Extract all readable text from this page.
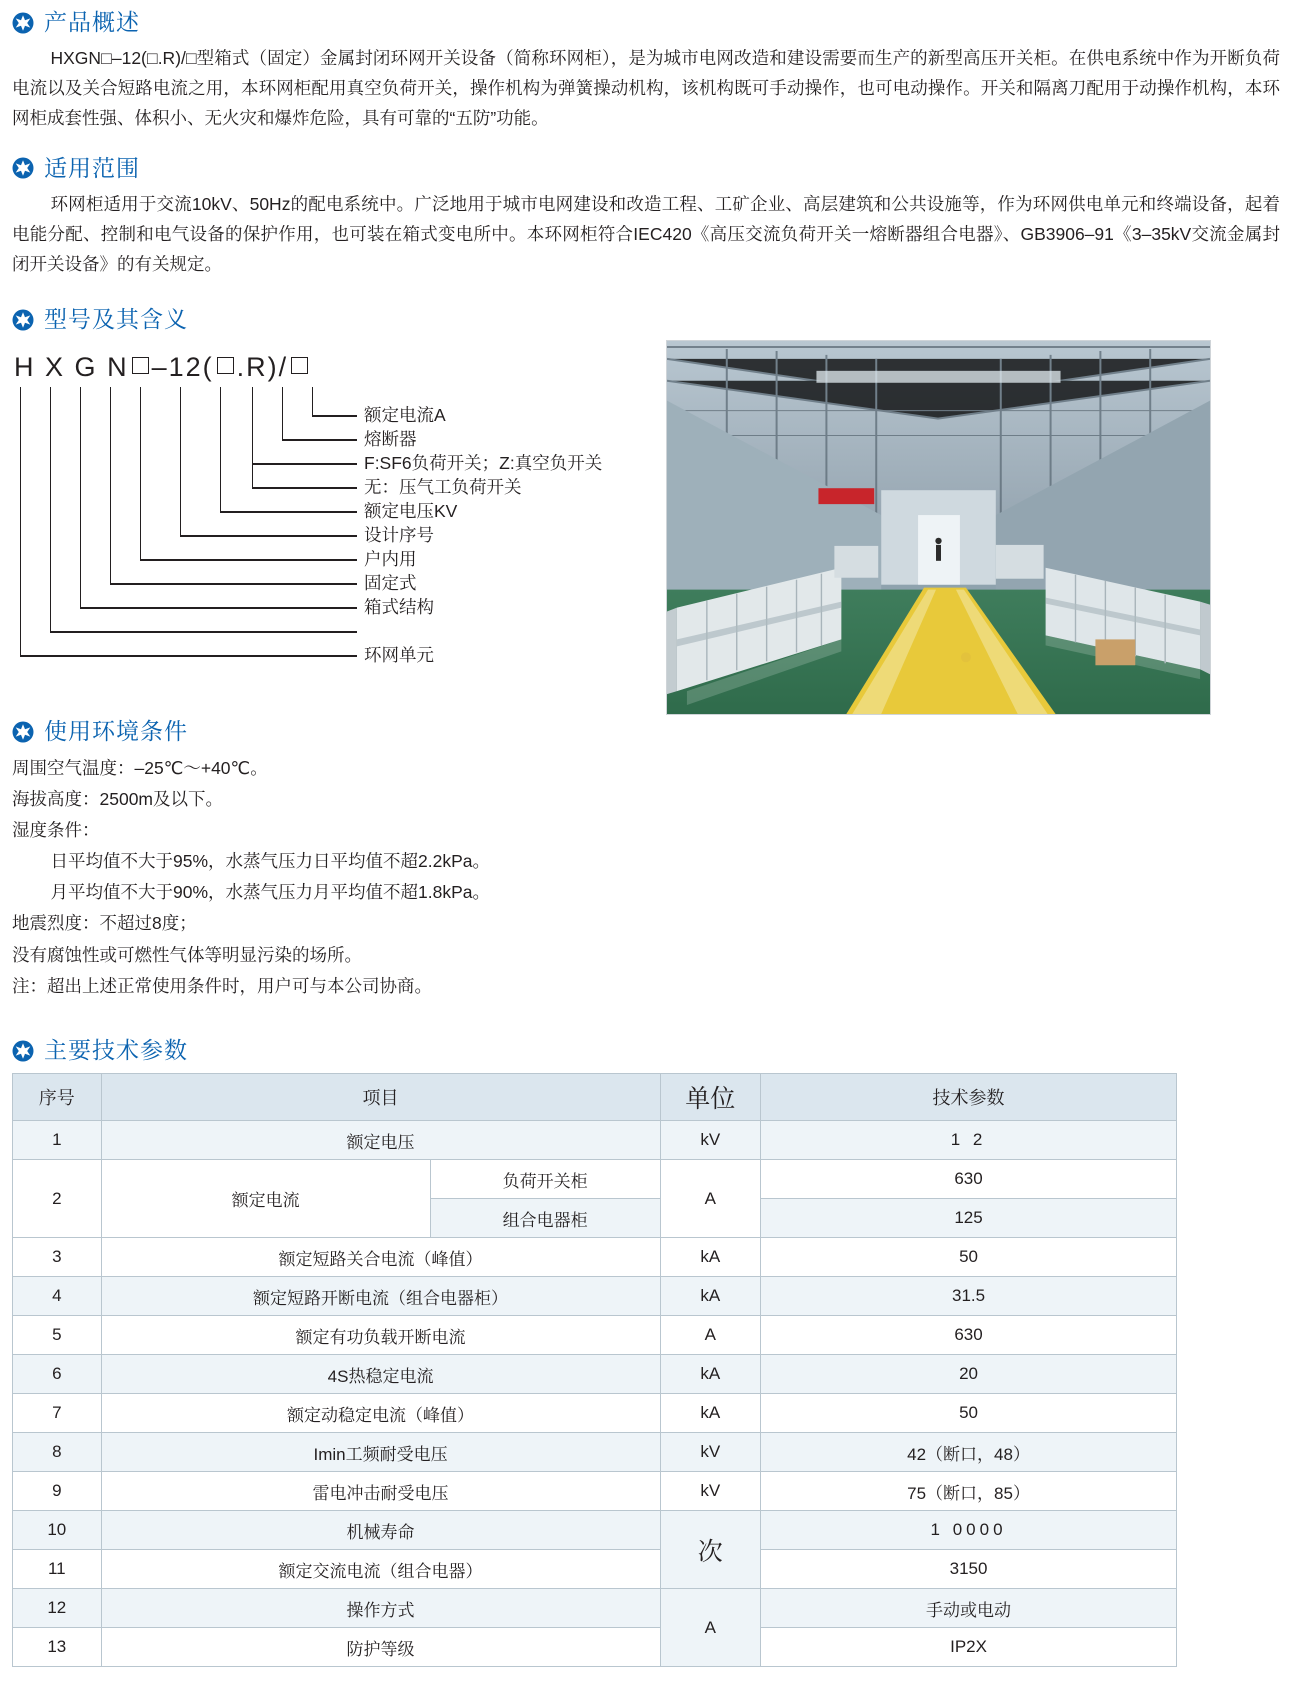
产品概述
HXGN□–12(□.R)/□型箱式（固定）金属封闭环网开关设备（简称环网柜），是为城市电网改造和建设需要而生产的新型高压开关柜。在供电系统中作为开断负荷电流以及关合短路电流之用，本环网柜配用真空负荷开关，操作机构为弹簧操动机构，该机构既可手动操作，也可电动操作。开关和隔离刀配用于动操作机构，本环网柜成套性强、体积小、无火灾和爆炸危险，具有可靠的“五防”功能。
适用范围
环网柜适用于交流10kV、50Hz的配电系统中。广泛地用于城市电网建设和改造工程、工矿企业、高层建筑和公共设施等，作为环网供电单元和终端设备，起着电能分配、控制和电气设备的保护作用，也可装在箱式变电所中。本环网柜符合IEC420《高压交流负荷开关一熔断器组合电器》、GB3906–91《3–35kV交流金属封闭开关设备》的有关规定。
型号及其含义
H X G N –12( .R)/
额定电流A
熔断器
F:SF6负荷开关；Z:真空负开关
无：压气工负荷开关
额定电压KV
设计序号
户内用
固定式
箱式结构
环网单元
使用环境条件
周围空气温度：–25℃～+40℃。
海拔高度：2500m及以下。
湿度条件：
日平均值不大于95%，水蒸气压力日平均值不超2.2kPa。
月平均值不大于90%，水蒸气压力月平均值不超1.8kPa。
地震烈度：不超过8度；
没有腐蚀性或可燃性气体等明显污染的场所。
注：超出上述正常使用条件时，用户可与本公司协商。
主要技术参数
序号	项目		单位	技术参数
1	额定电压		kV	1 2
2	额定电流	负荷开关柜	A	630
		组合电器柜		125
3	额定短路关合电流（峰值）		kA	50
4	额定短路开断电流（组合电器柜）		kA	31.5
5	额定有功负载开断电流		A	630
6	4S热稳定电流		kA	20
7	额定动稳定电流（峰值）		kA	50
8	Imin工频耐受电压		kV	42（断口，48）
9	雷电冲击耐受电压		kV	75（断口，85）
10	机械寿命		次	1 0000
11	额定交流电流（组合电器）			3150
12	操作方式		A	手动或电动
13	防护等级			IP2X
